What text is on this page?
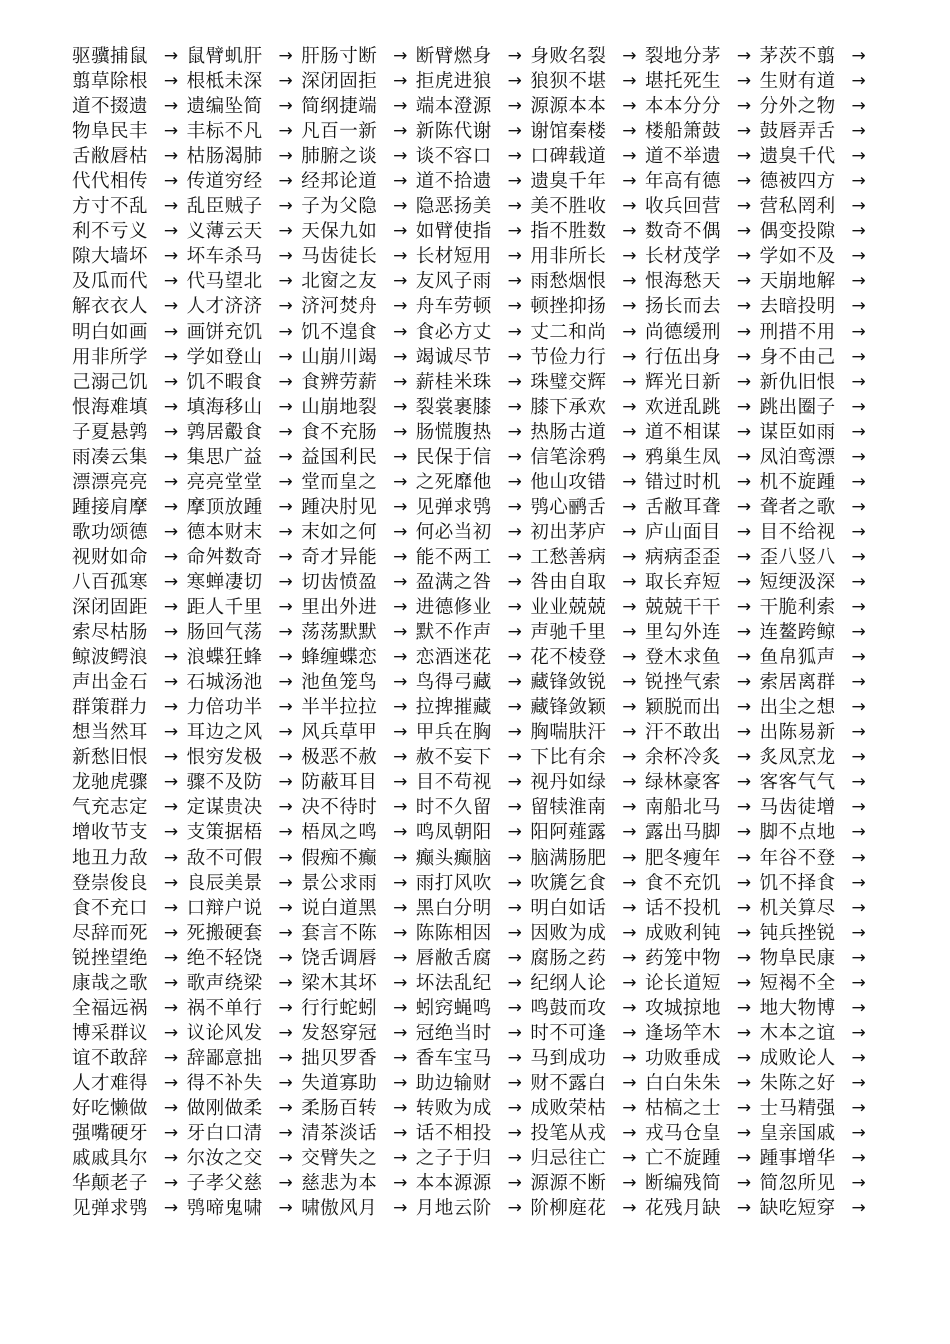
驱骥捕鼠 → 鼠臂虮肝 → 肝肠寸断 → 断臂燃身 → 身败名裂 → 裂地分茅 → 茅茨不翦 →
翦草除根 → 根柢未深 → 深闭固拒 → 拒虎进狼 → 狼狈不堪 → 堪托死生 → 生财有道 →
道不掇遗 → 遗编坠简 → 简纲捷端 → 端本澄源 → 源源本本 → 本本分分 → 分外之物 →
物阜民丰 → 丰标不凡 → 凡百一新 → 新陈代谢 → 谢馆秦楼 → 楼船箫鼓 → 鼓唇弄舌 →
舌敝唇枯 → 枯肠渴肺 → 肺腑之谈 → 谈不容口 → 口碑载道 → 道不举遗 → 遗臭千代 →
代代相传 → 传道穷经 → 经邦论道 → 道不拾遗 → 遗臭千年 → 年高有德 → 德被四方 →
方寸不乱 → 乱臣贼子 → 子为父隐 → 隐恶扬美 → 美不胜收 → 收兵回营 → 营私罔利 →
利不亏义 → 义薄云天 → 天保九如 → 如臂使指 → 指不胜数 → 数奇不偶 → 偶变投隙 →
隙大墙坏 → 坏车杀马 → 马齿徒长 → 长材短用 → 用非所长 → 长材茂学 → 学如不及 →
及瓜而代 → 代马望北 → 北窗之友 → 友风子雨 → 雨愁烟恨 → 恨海愁天 → 天崩地解 →
解衣衣人 → 人才济济 → 济河焚舟 → 舟车劳顿 → 顿挫抑扬 → 扬长而去 → 去暗投明 →
明白如画 → 画饼充饥 → 饥不遑食 → 食必方丈 → 丈二和尚 → 尚德缓刑 → 刑措不用 →
用非所学 → 学如登山 → 山崩川竭 → 竭诚尽节 → 节俭力行 → 行伍出身 → 身不由己 →
己溺己饥 → 饥不暇食 → 食辨劳薪 → 薪桂米珠 → 珠璧交辉 → 辉光日新 → 新仇旧恨 →
恨海难填 → 填海移山 → 山崩地裂 → 裂裳裹膝 → 膝下承欢 → 欢迸乱跳 → 跳出圈子 →
子夏悬鹑 → 鹑居鷇食 → 食不充肠 → 肠慌腹热 → 热肠古道 → 道不相谋 → 谋臣如雨 →
雨凑云集 → 集思广益 → 益国利民 → 民保于信 → 信笔涂鸦 → 鸦巢生凤 → 凤泊鸾漂 →
漂漂亮亮 → 亮亮堂堂 → 堂而皇之 → 之死靡他 → 他山攻错 → 错过时机 → 机不旋踵 →
踵接肩摩 → 摩顶放踵 → 踵决肘见 → 见弹求鸮 → 鸮心鹂舌 → 舌敝耳聋 → 聋者之歌 →
歌功颂德 → 德本财末 → 末如之何 → 何必当初 → 初出茅庐 → 庐山面目 → 目不给视 →
视财如命 → 命舛数奇 → 奇才异能 → 能不两工 → 工愁善病 → 病病歪歪 → 歪八竖八 →
八百孤寒 → 寒蝉凄切 → 切齿愤盈 → 盈满之咎 → 咎由自取 → 取长弃短 → 短绠汲深 →
深闭固距 → 距人千里 → 里出外进 → 进德修业 → 业业兢兢 → 兢兢干干 → 干脆利索 →
索尽枯肠 → 肠回气荡 → 荡荡默默 → 默不作声 → 声驰千里 → 里勾外连 → 连鳌跨鲸 →
鲸波鳄浪 → 浪蝶狂蜂 → 蜂缠蝶恋 → 恋酒迷花 → 花不棱登 → 登木求鱼 → 鱼帛狐声 →
声出金石 → 石城汤池 → 池鱼笼鸟 → 鸟得弓藏 → 藏锋敛锐 → 锐挫气索 → 索居离群 →
群策群力 → 力倍功半 → 半半拉拉 → 拉捭摧藏 → 藏锋敛颖 → 颖脱而出 → 出尘之想 →
想当然耳 → 耳边之风 → 风兵草甲 → 甲兵在胸 → 胸喘肤汗 → 汗不敢出 → 出陈易新 →
新愁旧恨 → 恨穷发极 → 极恶不赦 → 赦不妄下 → 下比有余 → 余杯冷炙 → 炙凤烹龙 →
龙驰虎骤 → 骤不及防 → 防蔽耳目 → 目不苟视 → 视丹如绿 → 绿林豪客 → 客客气气 →
气充志定 → 定谋贵决 → 决不待时 → 时不久留 → 留犊淮南 → 南船北马 → 马齿徒增 →
增收节支 → 支策据梧 → 梧凤之鸣 → 鸣凤朝阳 → 阳阿薤露 → 露出马脚 → 脚不点地 →
地丑力敌 → 敌不可假 → 假痴不癫 → 癫头癫脑 → 脑满肠肥 → 肥冬瘦年 → 年谷不登 →
登崇俊良 → 良辰美景 → 景公求雨 → 雨打风吹 → 吹篪乞食 → 食不充饥 → 饥不择食 →
食不充口 → 口辩户说 → 说白道黑 → 黑白分明 → 明白如话 → 话不投机 → 机关算尽 →
尽辞而死 → 死搬硬套 → 套言不陈 → 陈陈相因 → 因败为成 → 成败利钝 → 钝兵挫锐 →
锐挫望绝 → 绝不轻饶 → 饶舌调唇 → 唇敝舌腐 → 腐肠之药 → 药笼中物 → 物阜民康 →
康哉之歌 → 歌声绕梁 → 梁木其坏 → 坏法乱纪 → 纪纲人论 → 论长道短 → 短褐不全 →
全福远祸 → 祸不单行 → 行行蛇蚓 → 蚓窍蝇鸣 → 鸣鼓而攻 → 攻城掠地 → 地大物博 →
博采群议 → 议论风发 → 发怒穿冠 → 冠绝当时 → 时不可逢 → 逢场竿木 → 木本之谊 →
谊不敢辞 → 辞鄙意拙 → 拙贝罗香 → 香车宝马 → 马到成功 → 功败垂成 → 成败论人 →
人才难得 → 得不补失 → 失道寡助 → 助边输财 → 财不露白 → 白白朱朱 → 朱陈之好 →
好吃懒做 → 做刚做柔 → 柔肠百转 → 转败为成 → 成败荣枯 → 枯槁之士 → 士马精强 →
强嘴硬牙 → 牙白口清 → 清茶淡话 → 话不相投 → 投笔从戎 → 戎马仓皇 → 皇亲国戚 →
戚戚具尔 → 尔汝之交 → 交臂失之 → 之子于归 → 归忌往亡 → 亡不旋踵 → 踵事增华 →
华颠老子 → 子孝父慈 → 慈悲为本 → 本本源源 → 源源不断 → 断编残简 → 简忽所见 →
见弹求鸮 → 鸮啼鬼啸 → 啸傲风月 → 月地云阶 → 阶柳庭花 → 花残月缺 → 缺吃短穿 →
